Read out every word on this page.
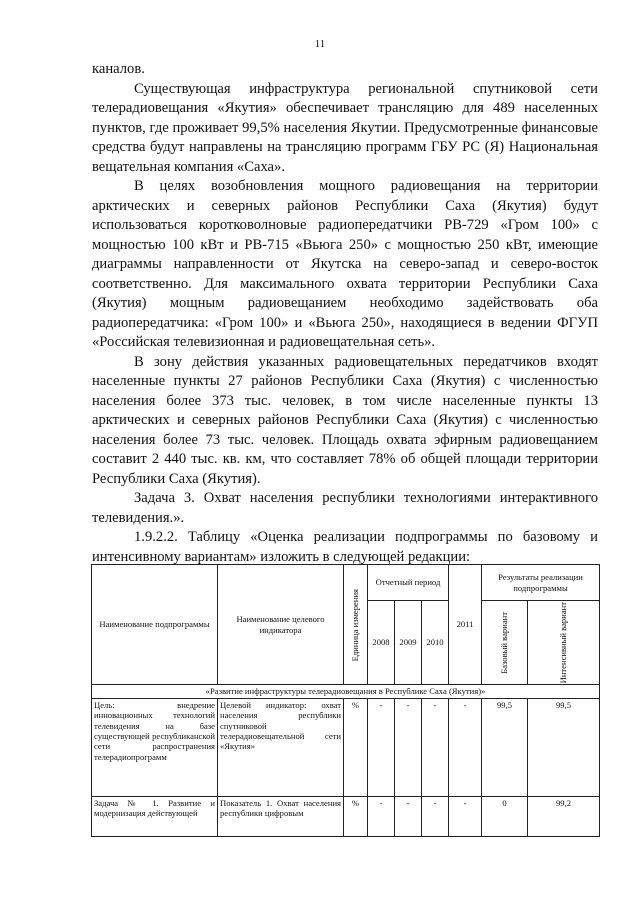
11

каналов.

Существующая инфраструктура региональной спутниковой сети телерадиовещания «Якутия» обеспечивает трансляцию для 489 населенных пунктов, где проживает 99,5% населения Якутии. Предусмотренные финансовые средства будут направлены на трансляцию программ ГБУ РС (Я) Национальная вещательная компания «Саха».

В целях возобновления мощного радиовещания на территории арктических и северных районов Республики Саха (Якутия) будут использоваться коротковолновые радиопередатчики РВ-729 «Гром 100» с мощностью 100 кВт и РВ-715 «Вьюга 250» с мощностью 250 кВт, имеющие диаграммы направленности от Якутска на северо-запад и северо-восток соответственно. Для максимального охвата территории Республики Саха (Якутия) мощным радиовещанием необходимо задействовать оба радиопередатчика: «Гром 100» и «Вьюга 250», находящиеся в ведении ФГУП «Российская телевизионная и радиовещательная сеть».

В зону действия указанных радиовещательных передатчиков входят населенные пункты 27 районов Республики Саха (Якутия) с численностью населения более 373 тыс. человек, в том числе населенные пункты 13 арктических и северных районов Республики Саха (Якутия) с численностью населения более 73 тыс. человек. Площадь охвата эфирным радиовещанием составит 2 440 тыс. кв. км, что составляет 78% об общей площади территории Республики Саха (Якутия).

Задача 3. Охват населения республики технологиями интерактивного телевидения.».

1.9.2.2. Таблицу «Оценка реализации подпрограммы по базовому и интенсивному вариантам» изложить в следующей редакции:

Наименование подпрограммы	Наименование целевого индикатора	Единица измерения	Отчетный период			2011	Результаты реализации подпрограммы	
			2008	2009	2010		Базовый вариант	Интенсивный вариант

«Развитие инфраструктуры телерадиовещания в Республике Саха (Якутия)»								
Цель: внедрение инновационных технологий телевидения на базе существующей республиканской сети распространения телерадиопрограмм	Целевой индикатор: охват населения республики спутниковой телерадиовещательной сети «Якутия»	%	-	-	-	-	99,5	99,5
Задача № 1. Развитие и модернизация действующей	Показатель 1. Охват населения республики цифровым	%	-	-	-	-	0	99,2
